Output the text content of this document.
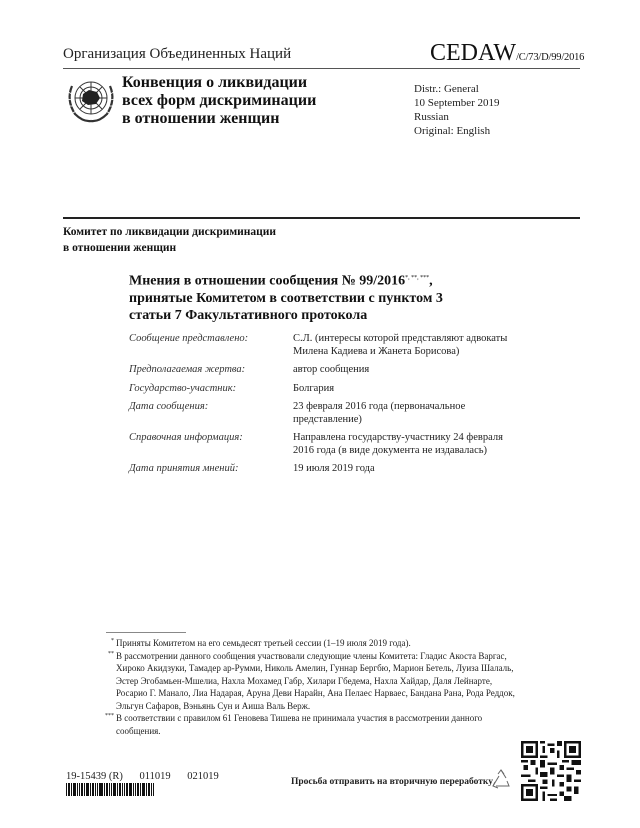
Организация Объединенных Наций	CEDAW/C/73/D/99/2016
Конвенция о ликвидации
всех форм дискриминации
в отношении женщин
Distr.: General
10 September 2019
Russian
Original: English
Комитет по ликвидации дискриминации
в отношении женщин
Мнения в отношении сообщения № 99/2016*, **, ***,
принятые Комитетом в соответствии с пунктом 3
статьи 7 Факультативного протокола
Сообщение представлено:	С.Л. (интересы которой представляют адвокаты Милена Кадиева и Жанета Борисова)
Предполагаемая жертва:	автор сообщения
Государство-участник:	Болгария
Дата сообщения:	23 февраля 2016 года (первоначальное представление)
Справочная информация:	Направлена государству-участнику 24 февраля 2016 года (в виде документа не издавалась)
Дата принятия мнений:	19 июля 2019 года
* Приняты Комитетом на его семьдесят третьей сессии (1–19 июля 2019 года).
** В рассмотрении данного сообщения участвовали следующие члены Комитета: Гладис Акоста Варгас, Хироко Акидзуки, Тамадер ар-Румми, Николь Амелин, Гуннар Бергбю, Марион Бетель, Луиза Шалаль, Эстер Эгобамьен-Мшелиа, Нахла Мохамед Габр, Хилари Гбедема, Нахла Хайдар, Даля Лейнарте, Росарио Г. Манало, Лиа Надарая, Аруна Деви Нарайн, Ана Пелаес Нарваес, Бандана Рана, Рода Реддок, Эльгун Сафаров, Вэньянь Сун и Аиша Валь Верж.
*** В соответствии с правилом 61 Геновева Тишева не принимала участия в рассмотрении данного сообщения.
19-15439 (R) 011019 021019	Просьба отправить на вторичную переработку
